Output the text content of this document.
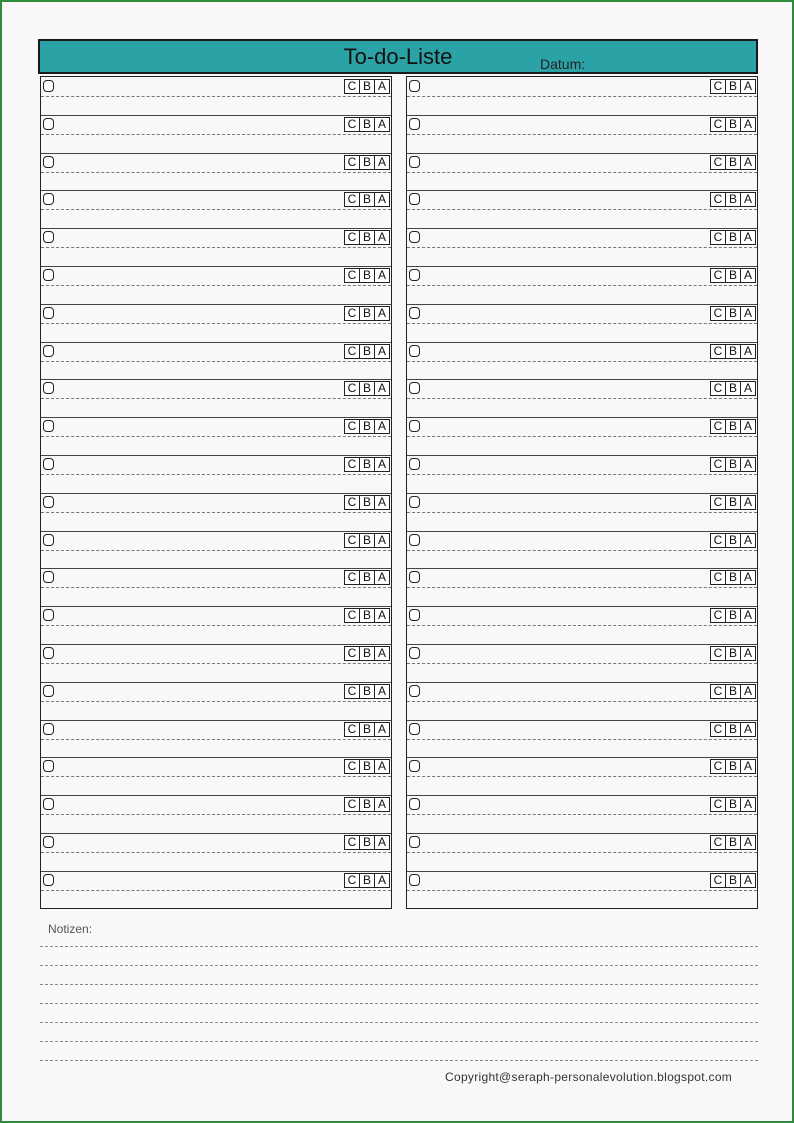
To-do-Liste	Datum:
C B A
C B A
C B A
C B A
C B A
C B A
C B A
C B A
C B A
C B A
C B A
C B A
C B A
C B A
C B A
C B A
C B A
C B A
C B A
C B A
C B A
C B A
C B A
C B A
C B A
C B A
C B A
C B A
C B A
C B A
C B A
C B A
C B A
C B A
C B A
C B A
C B A
C B A
C B A
C B A
C B A
C B A
C B A
C B A
Notizen:
Copyright@seraph-personalevolution.blogspot.com
